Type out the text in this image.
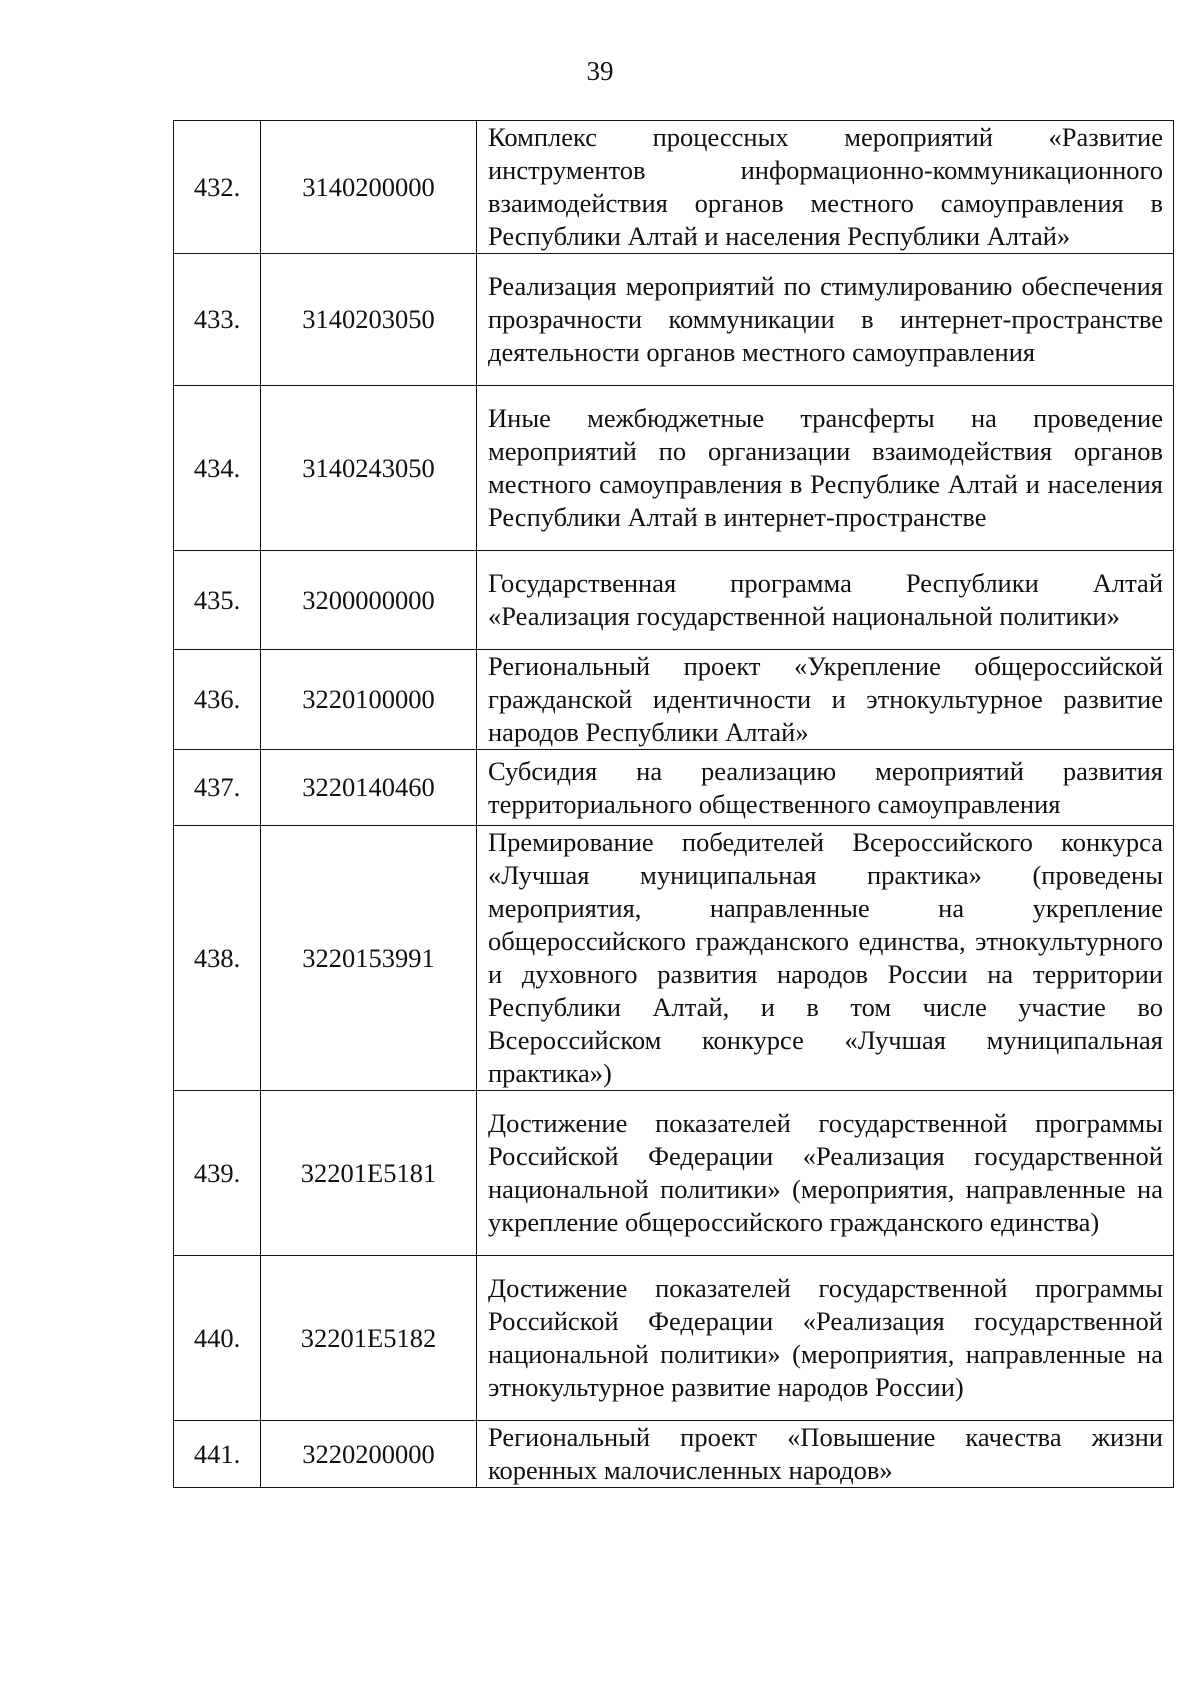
39
432.	3140200000	Комплекс процессных мероприятий «Развитие инструментов информационно-коммуникационного взаимодействия органов местного самоуправления в Республики Алтай и населения Республики Алтай»
433.	3140203050	Реализация мероприятий по стимулированию обеспечения прозрачности коммуникации в интернет-пространстве деятельности органов местного самоуправления
434.	3140243050	Иные межбюджетные трансферты на проведение мероприятий по организации взаимодействия органов местного самоуправления в Республике Алтай и населения Республики Алтай в интернет-пространстве
435.	3200000000	Государственная программа Республики Алтай «Реализация государственной национальной политики»
436.	3220100000	Региональный проект «Укрепление общероссийской гражданской идентичности и этнокультурное развитие народов Республики Алтай»
437.	3220140460	Субсидия на реализацию мероприятий развития территориального общественного самоуправления
438.	3220153991	Премирование победителей Всероссийского конкурса «Лучшая муниципальная практика» (проведены мероприятия, направленные на укрепление общероссийского гражданского единства, этнокультурного и духовного развития народов России на территории Республики Алтай, и в том числе участие во Всероссийском конкурсе «Лучшая муниципальная практика»)
439.	32201E5181	Достижение показателей государственной программы Российской Федерации «Реализация государственной национальной политики» (мероприятия, направленные на укрепление общероссийского гражданского единства)
440.	32201E5182	Достижение показателей государственной программы Российской Федерации «Реализация государственной национальной политики» (мероприятия, направленные на этнокультурное развитие народов России)
441.	3220200000	Региональный проект «Повышение качества жизни коренных малочисленных народов»
